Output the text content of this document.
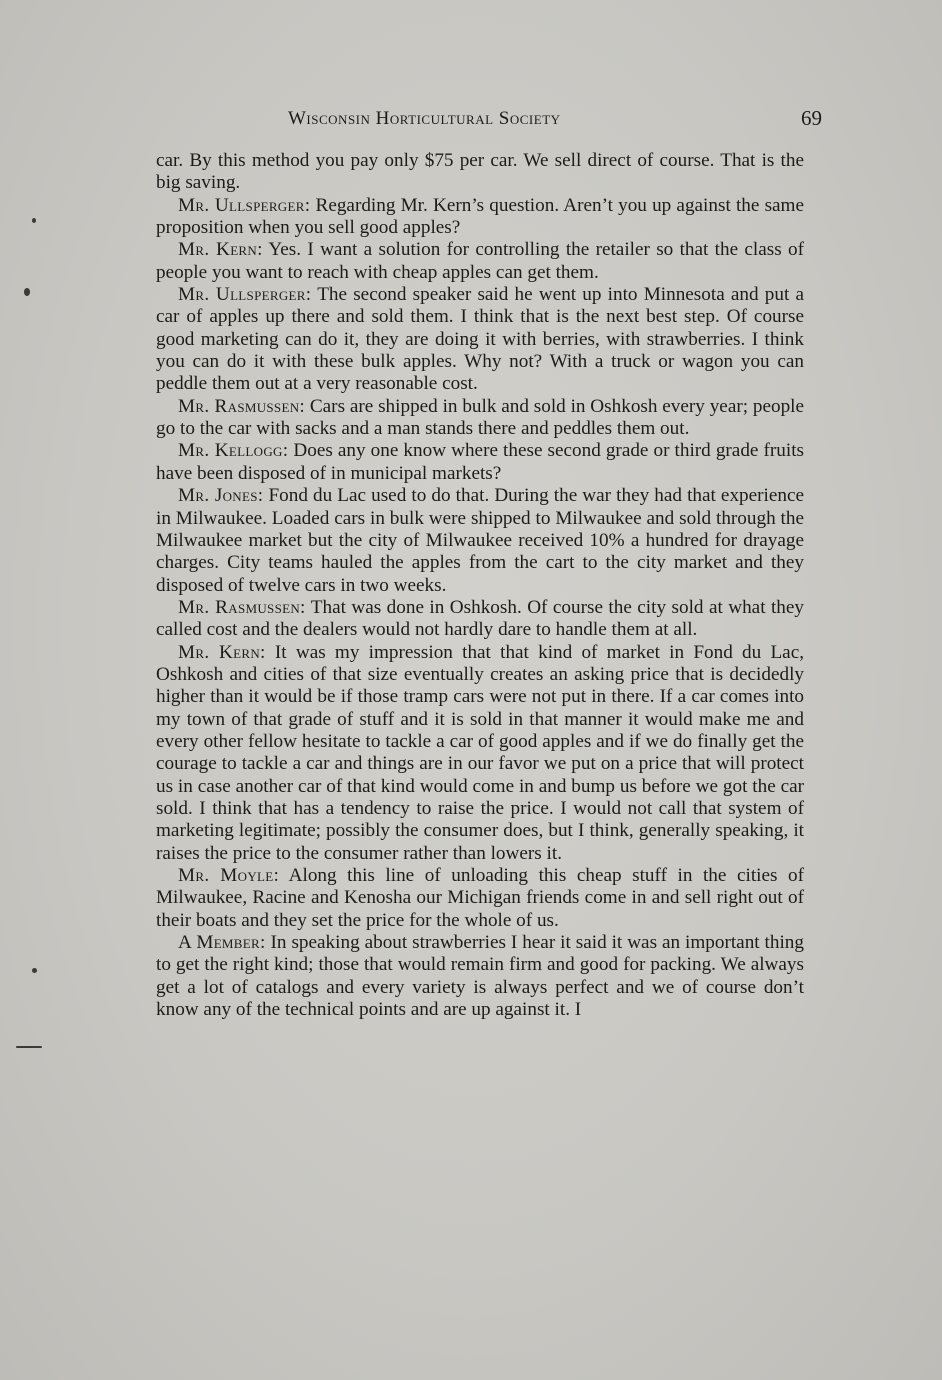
Wisconsin Horticultural Society	69

car. By this method you pay only $75 per car. We sell direct of course. That is the big saving.

Mr. Ullsperger: Regarding Mr. Kern’s question. Aren’t you up against the same proposition when you sell good apples?

Mr. Kern: Yes. I want a solution for controlling the retailer so that the class of people you want to reach with cheap apples can get them.

Mr. Ullsperger: The second speaker said he went up into Minnesota and put a car of apples up there and sold them. I think that is the next best step. Of course good marketing can do it, they are doing it with berries, with strawberries. I think you can do it with these bulk apples. Why not? With a truck or wagon you can peddle them out at a very reasonable cost.

Mr. Rasmussen: Cars are shipped in bulk and sold in Oshkosh every year; people go to the car with sacks and a man stands there and peddles them out.

Mr. Kellogg: Does any one know where these second grade or third grade fruits have been disposed of in municipal markets?

Mr. Jones: Fond du Lac used to do that. During the war they had that experience in Milwaukee. Loaded cars in bulk were shipped to Milwaukee and sold through the Milwaukee market but the city of Milwaukee received 10% a hundred for drayage charges. City teams hauled the apples from the cart to the city market and they disposed of twelve cars in two weeks.

Mr. Rasmussen: That was done in Oshkosh. Of course the city sold at what they called cost and the dealers would not hardly dare to handle them at all.

Mr. Kern: It was my impression that that kind of market in Fond du Lac, Oshkosh and cities of that size eventually creates an asking price that is decidedly higher than it would be if those tramp cars were not put in there. If a car comes into my town of that grade of stuff and it is sold in that manner it would make me and every other fellow hesitate to tackle a car of good apples and if we do finally get the courage to tackle a car and things are in our favor we put on a price that will protect us in case another car of that kind would come in and bump us before we got the car sold. I think that has a tendency to raise the price. I would not call that system of marketing legitimate; possibly the consumer does, but I think, generally speaking, it raises the price to the consumer rather than lowers it.

Mr. Moyle: Along this line of unloading this cheap stuff in the cities of Milwaukee, Racine and Kenosha our Michigan friends come in and sell right out of their boats and they set the price for the whole of us.

A Member: In speaking about strawberries I hear it said it was an important thing to get the right kind; those that would remain firm and good for packing. We always get a lot of catalogs and every variety is always perfect and we of course don’t know any of the technical points and are up against it. I
